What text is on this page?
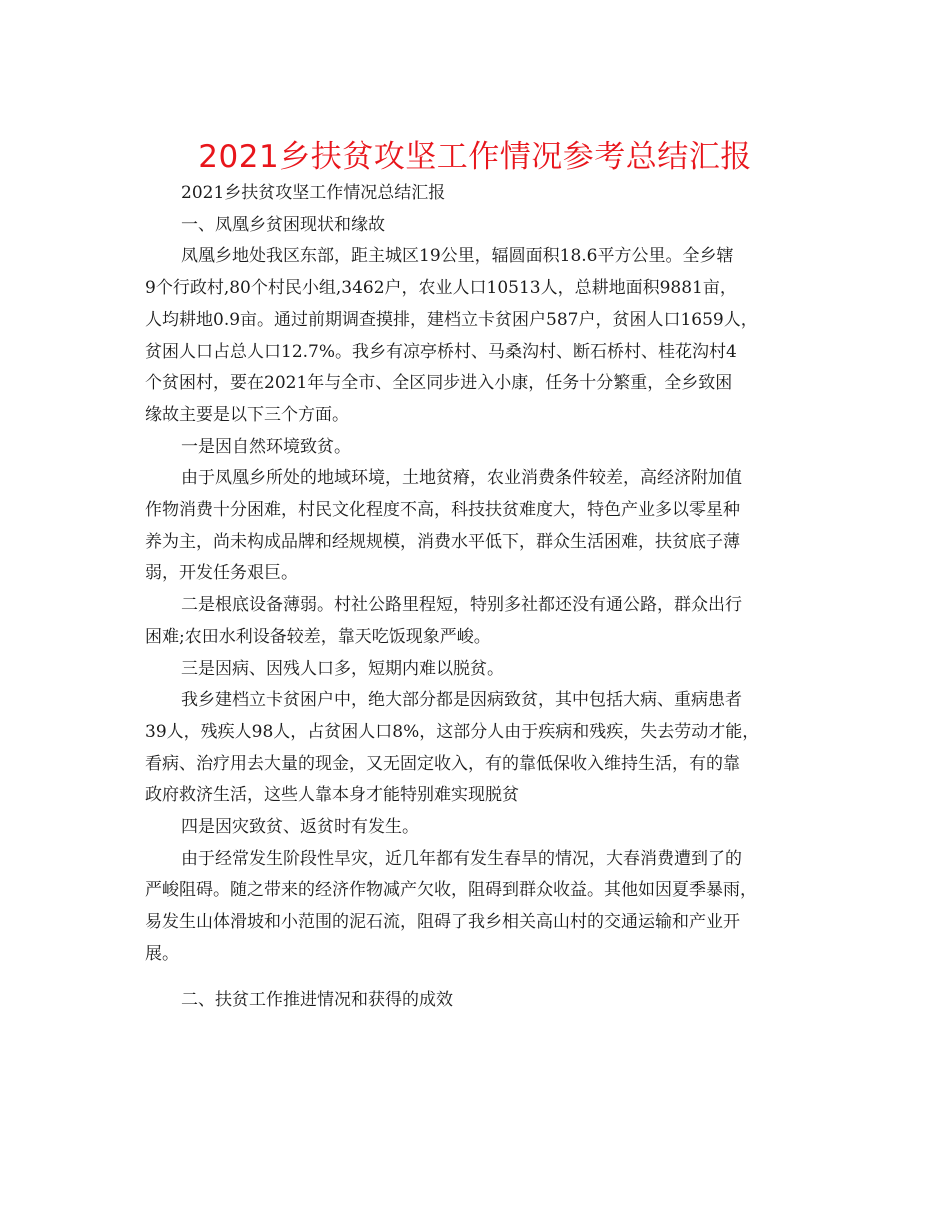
2021乡扶贫攻坚工作情况参考总结汇报

2021乡扶贫攻坚工作情况总结汇报

一、凤凰乡贫困现状和缘故

凤凰乡地处我区东部，距主城区19公里，辐圆面积18.6平方公里。全乡辖

9个行政村,80个村民小组,3462户，农业人口10513人，总耕地面积9881亩，

人均耕地0.9亩。通过前期调查摸排，建档立卡贫困户587户，贫困人口1659人，

贫困人口占总人口12.7%。我乡有凉亭桥村、马桑沟村、断石桥村、桂花沟村4

个贫困村，要在2021年与全市、全区同步进入小康，任务十分繁重，全乡致困

缘故主要是以下三个方面。

一是因自然环境致贫。

由于凤凰乡所处的地域环境，土地贫瘠，农业消费条件较差，高经济附加值

作物消费十分困难，村民文化程度不高，科技扶贫难度大，特色产业多以零星种

养为主，尚未构成品牌和经规规模，消费水平低下，群众生活困难，扶贫底子薄

弱，开发任务艰巨。

二是根底设备薄弱。村社公路里程短，特别多社都还没有通公路，群众出行

困难;农田水利设备较差，靠天吃饭现象严峻。

三是因病、因残人口多，短期内难以脱贫。

我乡建档立卡贫困户中，绝大部分都是因病致贫，其中包括大病、重病患者

39人，残疾人98人，占贫困人口8%，这部分人由于疾病和残疾，失去劳动才能，

看病、治疗用去大量的现金，又无固定收入，有的靠低保收入维持生活，有的靠

政府救济生活，这些人靠本身才能特别难实现脱贫

四是因灾致贫、返贫时有发生。

由于经常发生阶段性旱灾，近几年都有发生春旱的情况，大春消费遭到了的

严峻阻碍。随之带来的经济作物减产欠收，阻碍到群众收益。其他如因夏季暴雨，

易发生山体滑坡和小范围的泥石流，阻碍了我乡相关高山村的交通运输和产业开

展。

二、扶贫工作推进情况和获得的成效
